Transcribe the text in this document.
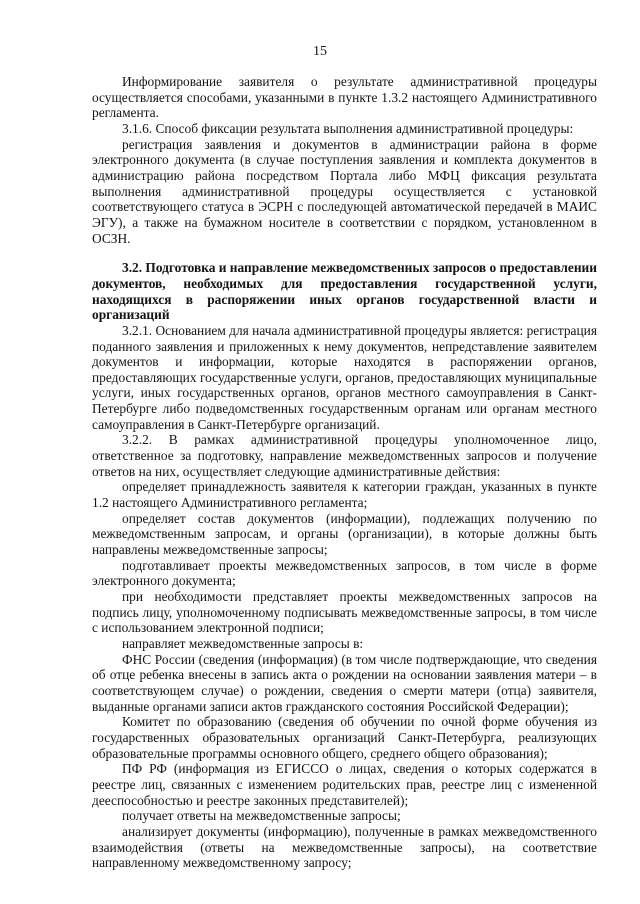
15

Информирование заявителя о результате административной процедуры осуществляется способами, указанными в пункте 1.3.2 настоящего Административного регламента.

3.1.6. Способ фиксации результата выполнения административной процедуры:

регистрация заявления и документов в администрации района в форме электронного документа (в случае поступления заявления и комплекта документов в администрацию района посредством Портала либо МФЦ фиксация результата выполнения административной процедуры осуществляется с установкой соответствующего статуса в ЭСРН с последующей автоматической передачей в МАИС ЭГУ), а также на бумажном носителе в соответствии с порядком, установленном в ОСЗН.

3.2. Подготовка и направление межведомственных запросов о предоставлении документов, необходимых для предоставления государственной услуги, находящихся в распоряжении иных органов государственной власти и организаций

3.2.1. Основанием для начала административной процедуры является: регистрация поданного заявления и приложенных к нему документов, непредставление заявителем документов и информации, которые находятся в распоряжении органов, предоставляющих государственные услуги, органов, предоставляющих муниципальные услуги, иных государственных органов, органов местного самоуправления в Санкт-Петербурге либо подведомственных государственным органам или органам местного самоуправления в Санкт-Петербурге организаций.

3.2.2. В рамках административной процедуры уполномоченное лицо, ответственное за подготовку, направление межведомственных запросов и получение ответов на них, осуществляет следующие административные действия:

определяет принадлежность заявителя к категории граждан, указанных в пункте 1.2 настоящего Административного регламента;

определяет состав документов (информации), подлежащих получению по межведомственным запросам, и органы (организации), в которые должны быть направлены межведомственные запросы;

подготавливает проекты межведомственных запросов, в том числе в форме электронного документа;

при необходимости представляет проекты межведомственных запросов на подпись лицу, уполномоченному подписывать межведомственные запросы, в том числе с использованием электронной подписи;

направляет межведомственные запросы в:

ФНС России (сведения (информация) (в том числе подтверждающие, что сведения об отце ребенка внесены в запись акта о рождении на основании заявления матери – в соответствующем случае) о рождении, сведения о смерти матери (отца) заявителя, выданные органами записи актов гражданского состояния Российской Федерации);

Комитет по образованию (сведения об обучении по очной форме обучения из государственных образовательных организаций Санкт-Петербурга, реализующих образовательные программы основного общего, среднего общего образования);

ПФ РФ (информация из ЕГИССО о лицах, сведения о которых содержатся в реестре лиц, связанных с изменением родительских прав, реестре лиц с измененной дееспособностью и реестре законных представителей);

получает ответы на межведомственные запросы;

анализирует документы (информацию), полученные в рамках межведомственного взаимодействия (ответы на межведомственные запросы), на соответствие направленному межведомственному запросу;
